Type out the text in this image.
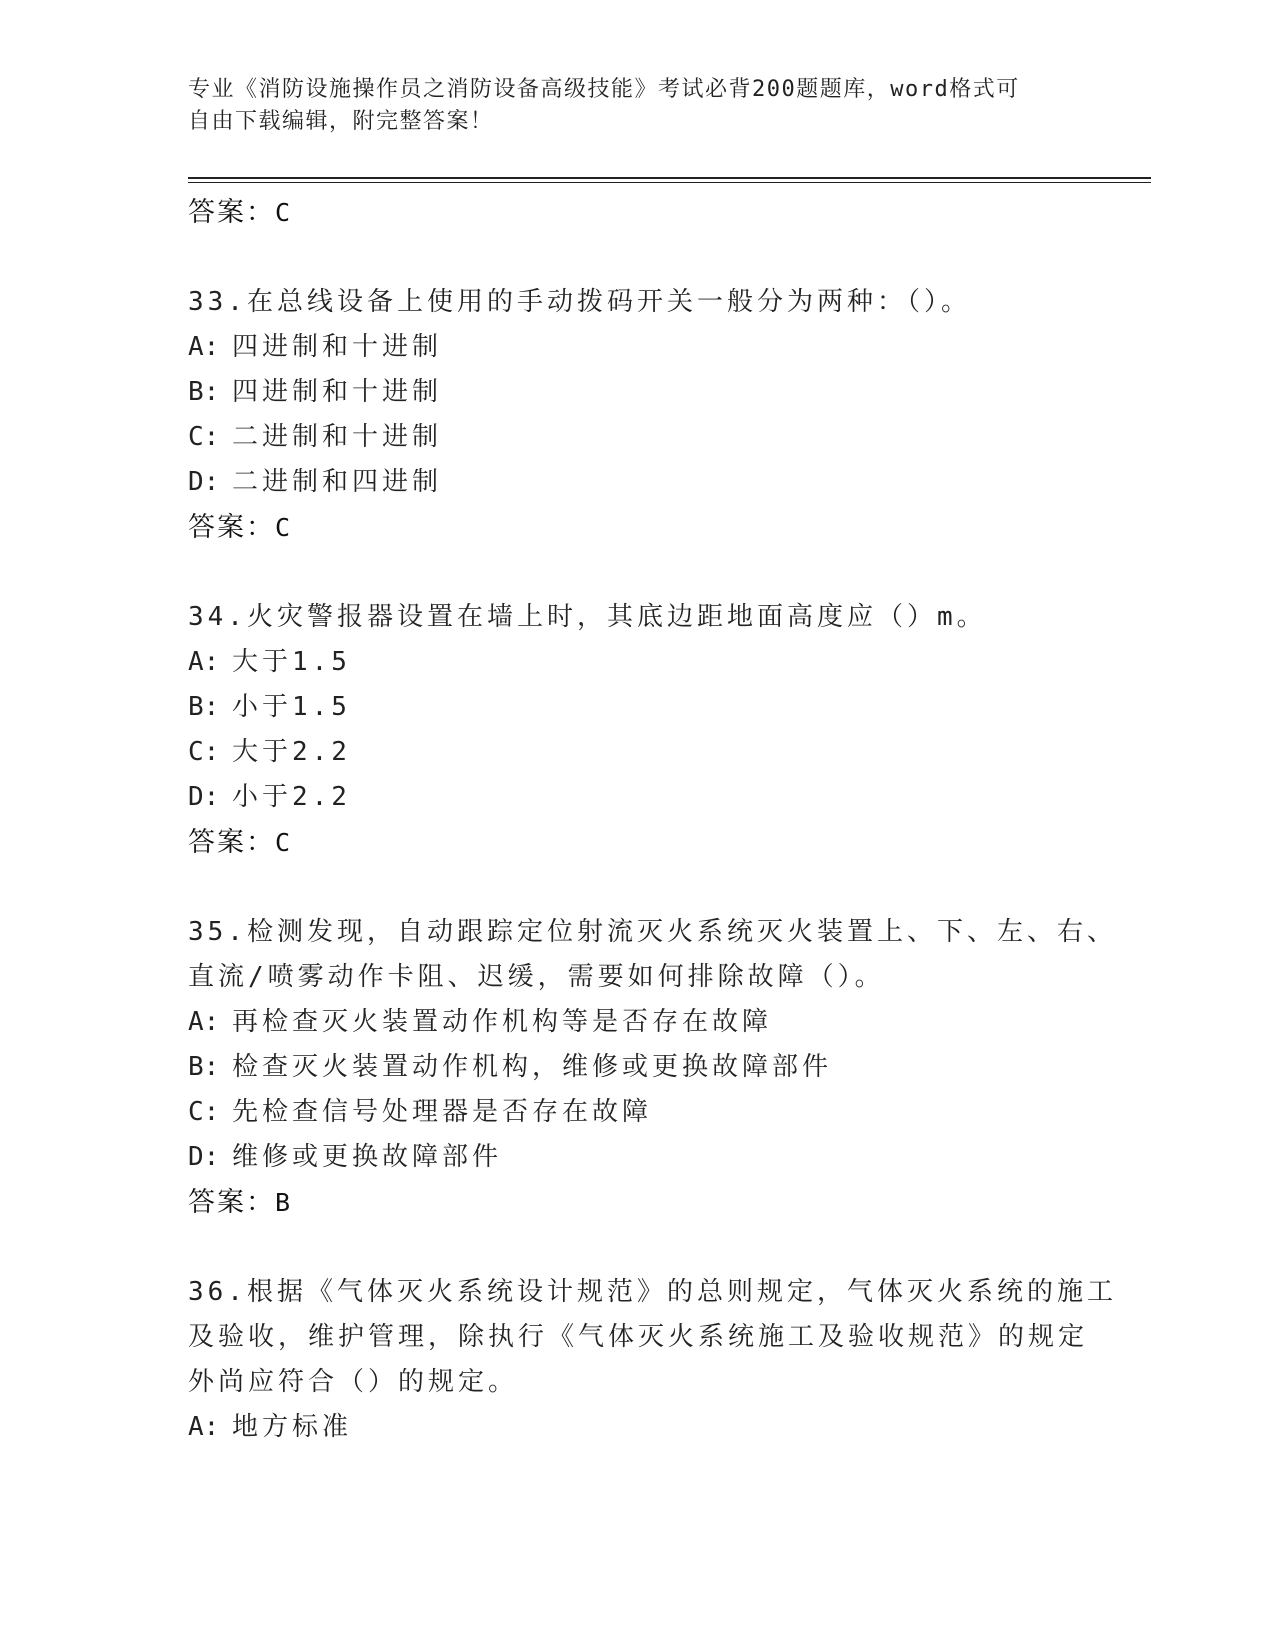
专业《消防设施操作员之消防设备高级技能》考试必背200题题库，word格式可
自由下载编辑，附完整答案！
答案：C
33.在总线设备上使用的手动拨码开关一般分为两种：（）。
A: 四进制和十进制
B: 四进制和十进制
C: 二进制和十进制
D: 二进制和四进制
答案：C
34.火灾警报器设置在墙上时，其底边距地面高度应（）m。
A: 大于1.5
B: 小于1.5
C: 大于2.2
D: 小于2.2
答案：C
35.检测发现，自动跟踪定位射流灭火系统灭火装置上、下、左、右、
直流/喷雾动作卡阻、迟缓，需要如何排除故障（）。
A: 再检查灭火装置动作机构等是否存在故障
B: 检查灭火装置动作机构，维修或更换故障部件
C: 先检查信号处理器是否存在故障
D: 维修或更换故障部件
答案：B
36.根据《气体灭火系统设计规范》的总则规定，气体灭火系统的施工
及验收，维护管理，除执行《气体灭火系统施工及验收规范》的规定
外尚应符合（）的规定。
A: 地方标准
